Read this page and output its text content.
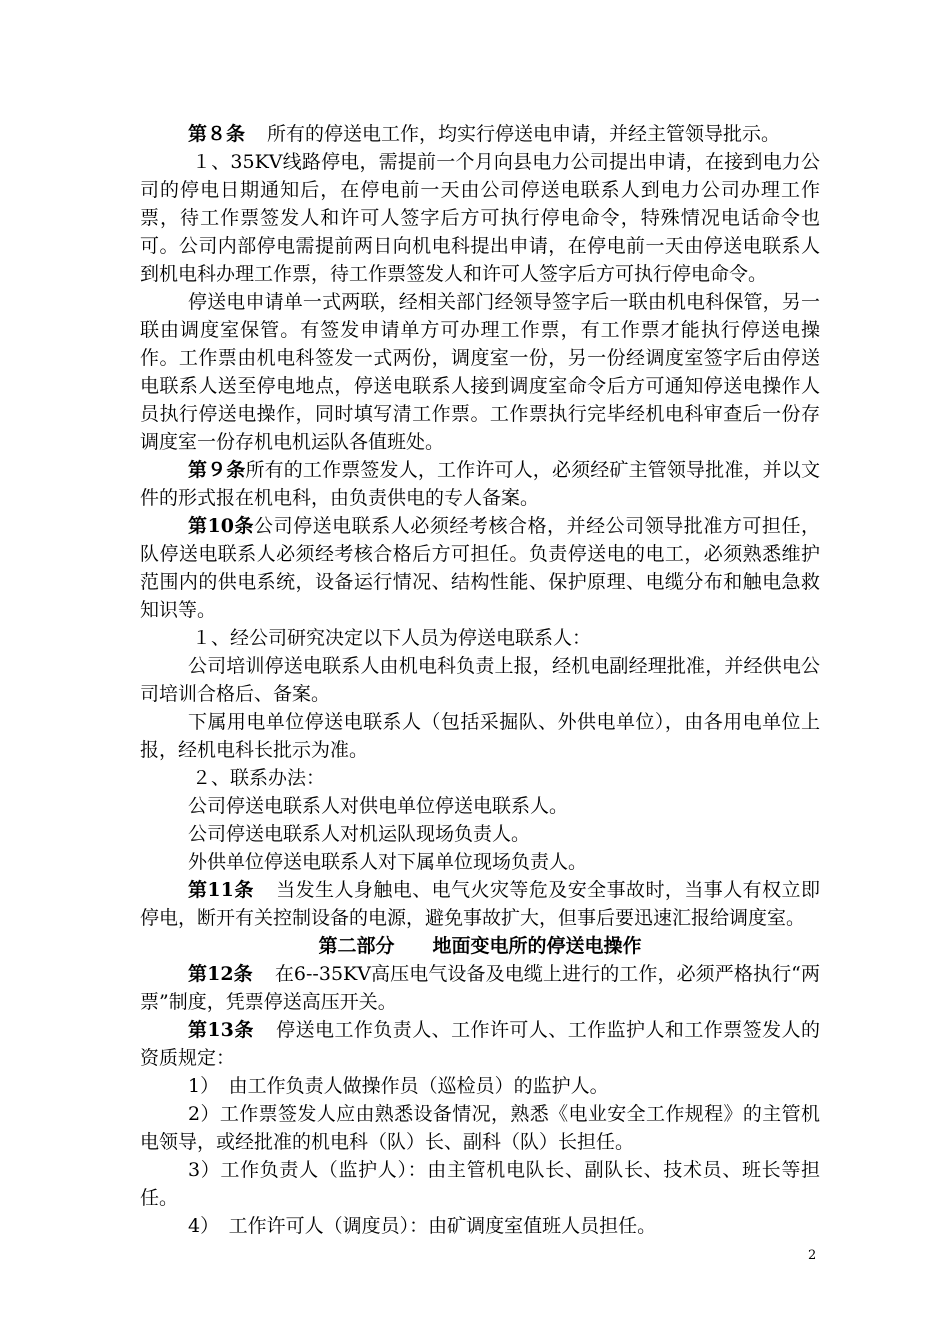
第８条 所有的停送电工作，均实行停送电申请，并经主管领导批示。

１、35KV线路停电，需提前一个月向县电力公司提出申请，在接到电力公司的停电日期通知后，在停电前一天由公司停送电联系人到电力公司办理工作票，待工作票签发人和许可人签字后方可执行停电命令，特殊情况电话命令也可。公司内部停电需提前两日向机电科提出申请，在停电前一天由停送电联系人到机电科办理工作票，待工作票签发人和许可人签字后方可执行停电命令。

停送电申请单一式两联，经相关部门经领导签字后一联由机电科保管，另一联由调度室保管。有签发申请单方可办理工作票，有工作票才能执行停送电操作。工作票由机电科签发一式两份，调度室一份，另一份经调度室签字后由停送电联系人送至停电地点，停送电联系人接到调度室命令后方可通知停送电操作人员执行停送电操作，同时填写清工作票。工作票执行完毕经机电科审查后一份存调度室一份存机电机运队各值班处。

第９条所有的工作票签发人，工作许可人，必须经矿主管领导批准，并以文件的形式报在机电科，由负责供电的专人备案。

第10条公司停送电联系人必须经考核合格，并经公司领导批准方可担任，队停送电联系人必须经考核合格后方可担任。负责停送电的电工，必须熟悉维护范围内的供电系统，设备运行情况、结构性能、保护原理、电缆分布和触电急救知识等。

１、经公司研究决定以下人员为停送电联系人：

公司培训停送电联系人由机电科负责上报，经机电副经理批准，并经供电公司培训合格后、备案。

下属用电单位停送电联系人（包括采掘队、外供电单位），由各用电单位上报，经机电科长批示为准。

２、联系办法：

公司停送电联系人对供电单位停送电联系人。

公司停送电联系人对机运队现场负责人。

外供单位停送电联系人对下属单位现场负责人。

第11条 当发生人身触电、电气火灾等危及安全事故时，当事人有权立即停电，断开有关控制设备的电源，避免事故扩大，但事后要迅速汇报给调度室。

第二部分　　地面变电所的停送电操作

第12条 在6--35KV高压电气设备及电缆上进行的工作，必须严格执行“两票”制度，凭票停送高压开关。

第13条 停送电工作负责人、工作许可人、工作监护人和工作票签发人的资质规定：

1）　由工作负责人做操作员（巡检员）的监护人。

2）工作票签发人应由熟悉设备情况，熟悉《电业安全工作规程》的主管机电领导，或经批准的机电科（队）长、副科（队）长担任。

3）工作负责人（监护人）：由主管机电队长、副队长、技术员、班长等担任。

4）　工作许可人（调度员）：由矿调度室值班人员担任。

2
